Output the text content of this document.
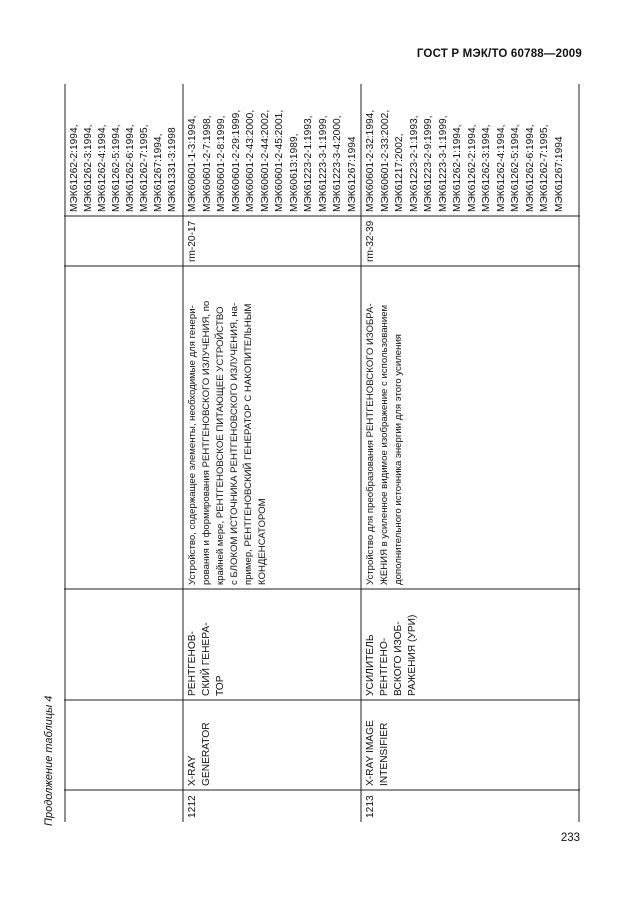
ГОСТ Р МЭК/ТО 60788—2009
Продолжение таблицы 4
МЭК61262-2:1994, МЭК61262-3:1994, МЭК61262-4:1994, МЭК61262-5:1994, МЭК61262-6:1994, МЭК61262-7:1995, МЭК61267:1994, МЭК61331-3:1998
1212
X-RAY GENERATOR
РЕНТГЕНОВ- СКИЙ ГЕНЕРА- ТОР
Устройство, содержащее элементы, необходимые для генери- рования и формирования РЕНТГЕНОВСКОГО ИЗЛУЧЕНИЯ, по крайней мере, РЕНТГЕНОВСКОЕ ПИТАЮЩЕЕ УСТРОЙСТВО с БЛОКОМ ИСТОЧНИКА РЕНТГЕНОВСКОГО ИЗЛУЧЕНИЯ, на- пример, РЕНТГЕНОВСКИЙ ГЕНЕРАТОР С НАКОПИТЕЛЬНЫМ КОНДЕНСАТОРОМ
rm-20-17
МЭК60601-1-3:1994, МЭК60601-2-7:1998, МЭК60601-2-8:1999, МЭК60601-2-29:1999, МЭК60601-2-43:2000, МЭК60601-2-44:2002, МЭК60601-2-45:2001, МЭК60613:1989, МЭК61223-2-1:1993, МЭК61223-3-1:1999, МЭК61223-3-4:2000, МЭК61267:1994
1213
X-RAY IMAGE INTENSIFIER
УСИЛИТЕЛЬ РЕНТГЕНО- ВСКОГО ИЗОБ- РАЖЕНИЯ (УРИ)
Устройство для преобразования РЕНТГЕНОВСКОГО ИЗОБРА- ЖЕНИЯ в усиленное видимое изображение с использованием дополнительного источника энергии для этого усиления
rm-32-39
МЭК60601-2-32:1994, МЭК60601-2-33:2002, МЭК61217:2002, МЭК61223-2-1:1993, МЭК61223-2-9:1999, МЭК61223-3-1:1999, МЭК61262-1:1994, МЭК61262-2:1994, МЭК61262-3:1994, МЭК61262-4:1994, МЭК61262-5:1994, МЭК61262-6:1994, МЭК61262-7:1995, МЭК61267:1994
233
